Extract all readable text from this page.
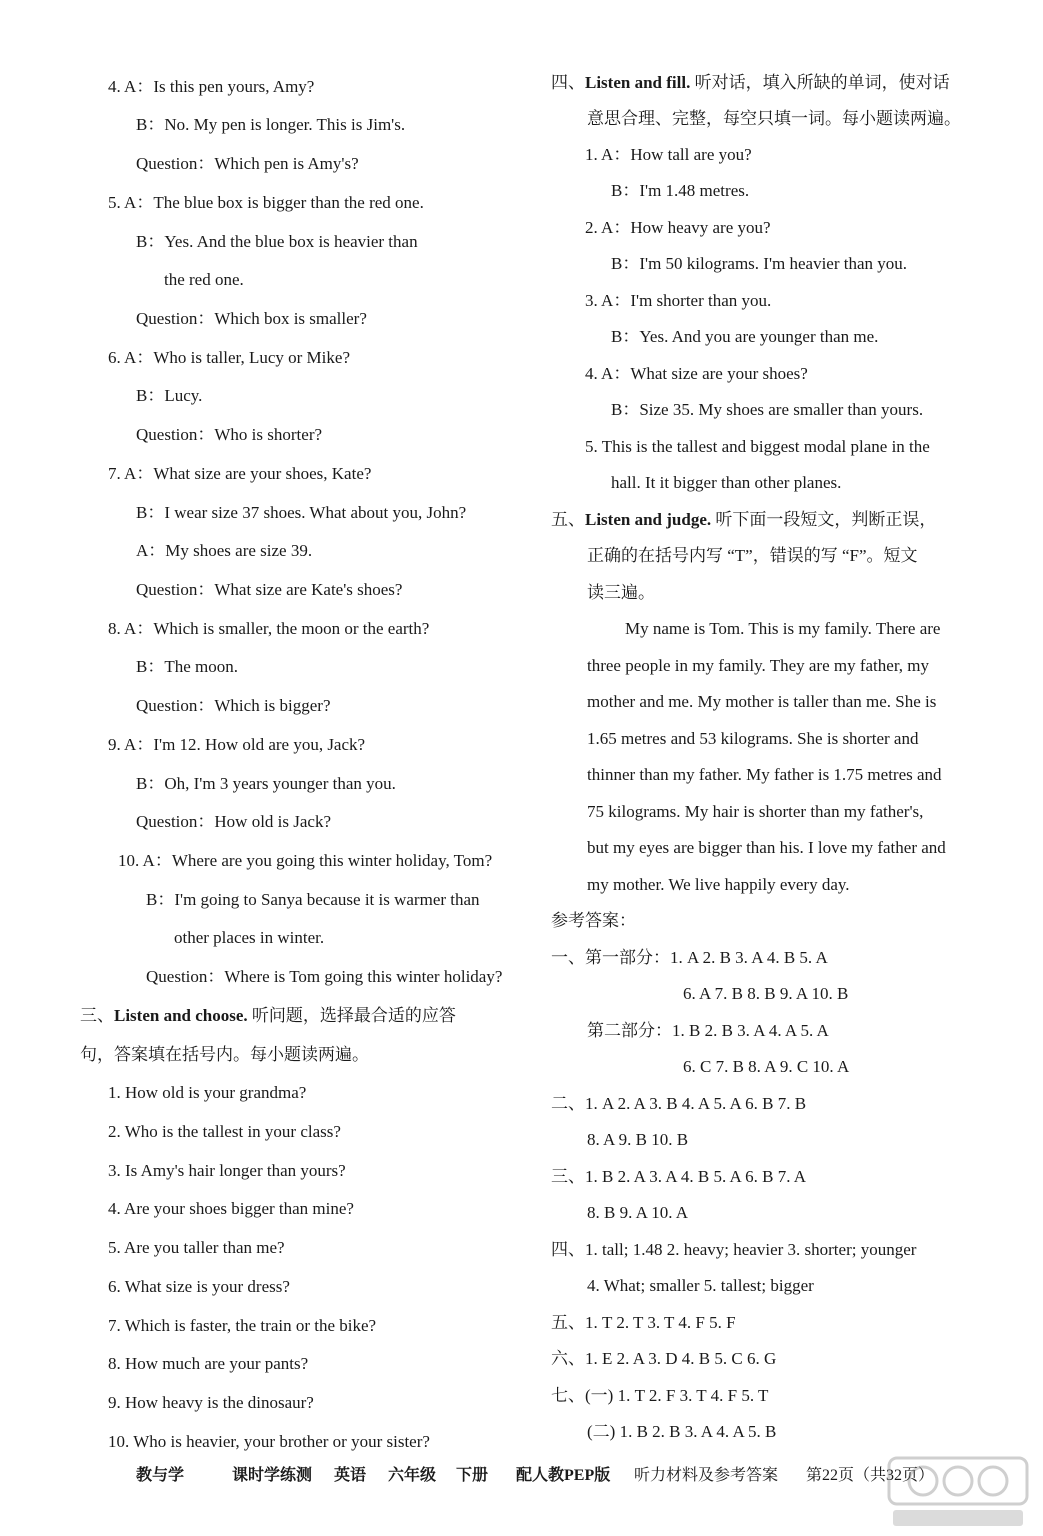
三、Listen and choose. 听问题，选择最合适的应答
4. A：Is this pen yours, Amy?
B：No. My pen is longer. This is Jim's.
Question：Which pen is Amy's?
5. A：The blue box is bigger than the red one.
B：Yes. And the blue box is heavier than
the red one.
Question：Which box is smaller?
6. A：Who is taller, Lucy or Mike?
B：Lucy.
Question：Who is shorter?
7. A：What size are your shoes, Kate?
B：I wear size 37 shoes. What about you, John?
A：My shoes are size 39.
Question：What size are Kate's shoes?
8. A：Which is smaller, the moon or the earth?
B：The moon.
Question：Which is bigger?
9. A：I'm 12. How old are you, Jack?
B：Oh, I'm 3 years younger than you.
Question：How old is Jack?
10. A：Where are you going this winter holiday, Tom?
B：I'm going to Sanya because it is warmer than
other places in winter.
Question：Where is Tom going this winter holiday?
句，答案填在括号内。每小题读两遍。
1. How old is your grandma?
2. Who is the tallest in your class?
3. Is Amy's hair longer than yours?
4. Are your shoes bigger than mine?
5. Are you taller than me?
6. What size is your dress?
7. Which is faster, the train or the bike?
8. How much are your pants?
9. How heavy is the dinosaur?
10. Who is heavier, your brother or your sister?
四、Listen and fill. 听对话，填入所缺的单词，使对话
五、Listen and judge. 听下面一段短文，判断正误，
意思合理、完整，每空只填一词。每小题读两遍。
1. A：How tall are you?
B：I'm 1.48 metres.
2. A：How heavy are you?
B：I'm 50 kilograms. I'm heavier than you.
3. A：I'm shorter than you.
B：Yes. And you are younger than me.
4. A：What size are your shoes?
B：Size 35. My shoes are smaller than yours.
5. This is the tallest and biggest modal plane in the
hall. It it bigger than other planes.
正确的在括号内写 “T”，错误的写 “F”。短文
读三遍。
My name is Tom. This is my family. There are
three people in my family. They are my father, my
mother and me. My mother is taller than me. She is
1.65 metres and 53 kilograms. She is shorter and
thinner than my father. My father is 1.75 metres and
75 kilograms. My hair is shorter than my father's,
but my eyes are bigger than his. I love my father and
my mother. We live happily every day.
参考答案：
一、第一部分：1. A 2. B 3. A 4. B 5. A
6. A 7. B 8. B 9. A 10. B
第二部分：1. B 2. B 3. A 4. A 5. A
6. C 7. B 8. A 9. C 10. A
二、1. A 2. A 3. B 4. A 5. A 6. B 7. B
8. A 9. B 10. B
三、1. B 2. A 3. A 4. B 5. A 6. B 7. A
8. B 9. A 10. A
四、1. tall; 1.48 2. heavy; heavier 3. shorter; younger
4. What; smaller 5. tallest; bigger
五、1. T 2. T 3. T 4. F 5. F
六、1. E 2. A 3. D 4. B 5. C 6. G
七、(一) 1. T 2. F 3. T 4. F 5. T
(二) 1. B 2. B 3. A 4. A 5. B
教与学	课时学练测 英语 六年级 下册 配人教PEP版 听力材料及参考答案 第22页（共32页）
